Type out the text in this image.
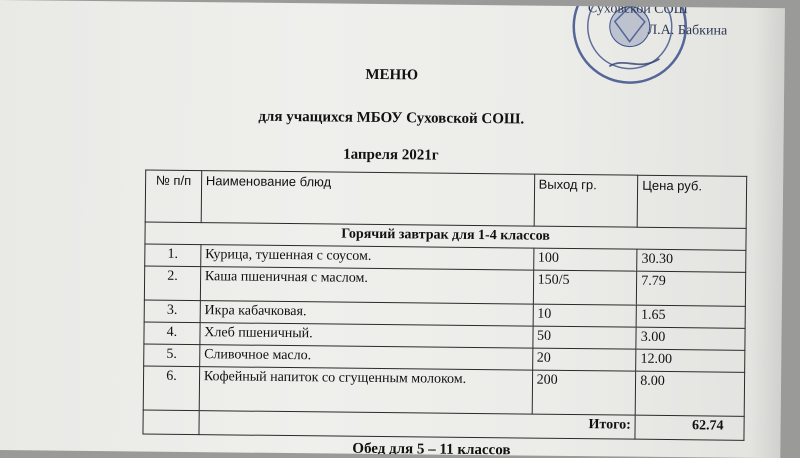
Суховской СОШ
Л.А. Бабкина
МЕНЮ
для учащихся МБОУ Суховской СОШ.
1апреля 2021г
№ п/п	Наименование блюд	Выход гр.	Цена руб.
Горячий завтрак для 1-4 классов			
1.	Курица, тушенная с соусом.	100	30.30
2.	Каша пшеничная с маслом.	150/5	7.79
3.	Икра кабачковая.	10	1.65
4.	Хлеб пшеничный.	50	3.00
5.	Сливочное масло.	20	12.00
6.	Кофейный напиток со сгущенным молоком.	200	8.00
	Итого:		62.74
Обед для 5 – 11 классов
